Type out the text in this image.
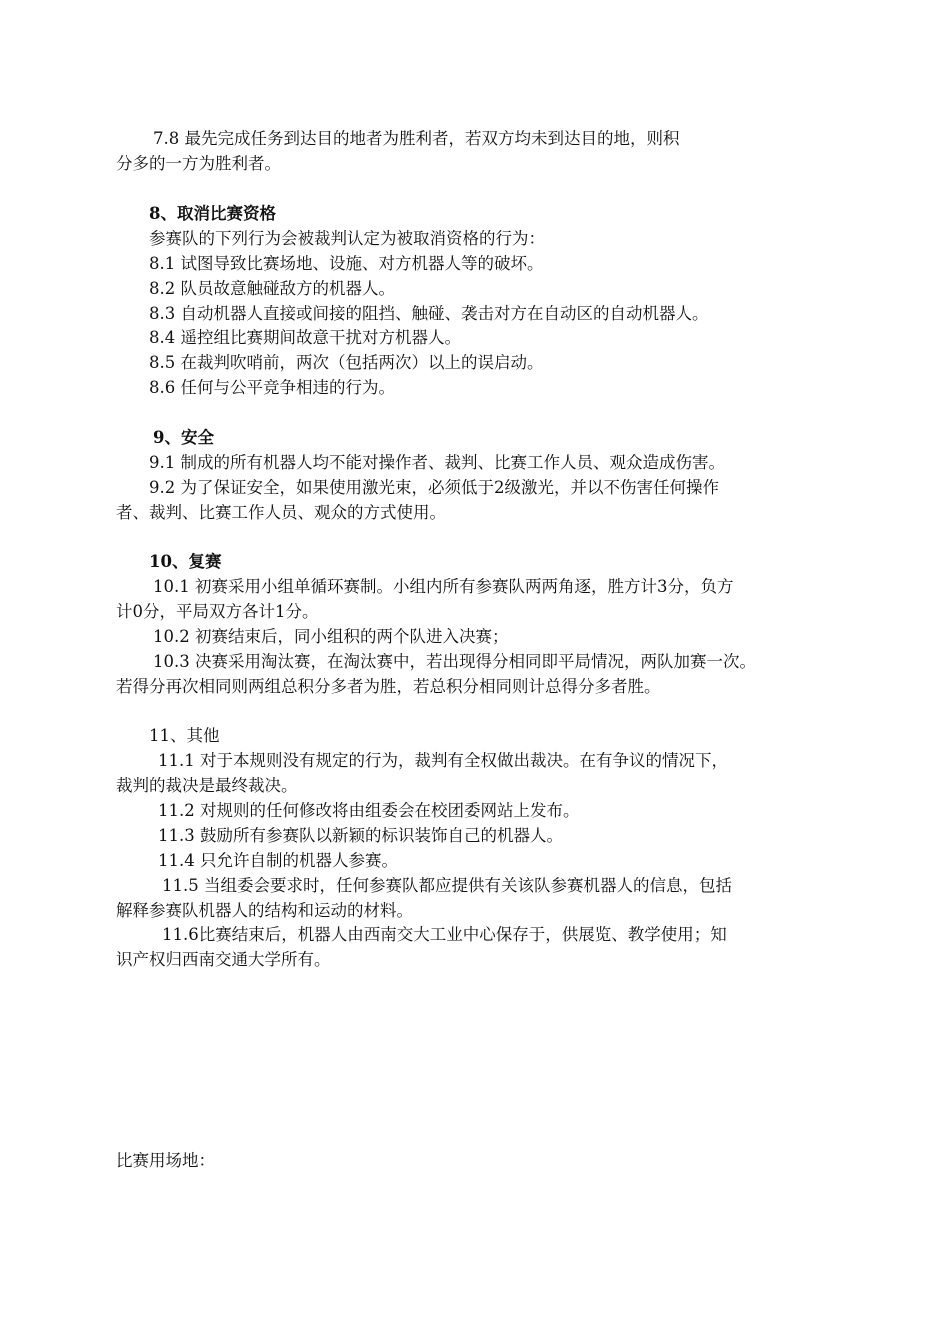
7.8 最先完成任务到达目的地者为胜利者，若双方均未到达目的地，则积
分多的一方为胜利者。
8、取消比赛资格
参赛队的下列行为会被裁判认定为被取消资格的行为：
8.1 试图导致比赛场地、设施、对方机器人等的破坏。
8.2 队员故意触碰敌方的机器人。
8.3 自动机器人直接或间接的阻挡、触碰、袭击对方在自动区的自动机器人。
8.4 遥控组比赛期间故意干扰对方机器人。
8.5 在裁判吹哨前，两次（包括两次）以上的误启动。
8.6 任何与公平竞争相违的行为。
9、安全
9.1 制成的所有机器人均不能对操作者、裁判、比赛工作人员、观众造成伤害。
9.2 为了保证安全，如果使用激光束，必须低于2级激光，并以不伤害任何操作
者、裁判、比赛工作人员、观众的方式使用。
10、复赛
10.1 初赛采用小组单循环赛制。小组内所有参赛队两两角逐，胜方计3分，负方
计0分，平局双方各计1分。
10.2 初赛结束后，同小组积的两个队进入决赛；
10.3 决赛采用淘汰赛，在淘汰赛中，若出现得分相同即平局情况，两队加赛一次。
若得分再次相同则两组总积分多者为胜，若总积分相同则计总得分多者胜。
11、其他
11.1 对于本规则没有规定的行为，裁判有全权做出裁决。在有争议的情况下，
裁判的裁决是最终裁决。
11.2 对规则的任何修改将由组委会在校团委网站上发布。
11.3 鼓励所有参赛队以新颖的标识装饰自己的机器人。
11.4 只允许自制的机器人参赛。
11.5 当组委会要求时，任何参赛队都应提供有关该队参赛机器人的信息，包括
解释参赛队机器人的结构和运动的材料。
11.6比赛结束后，机器人由西南交大工业中心保存于，供展览、教学使用；知
识产权归西南交通大学所有。
比赛用场地：
